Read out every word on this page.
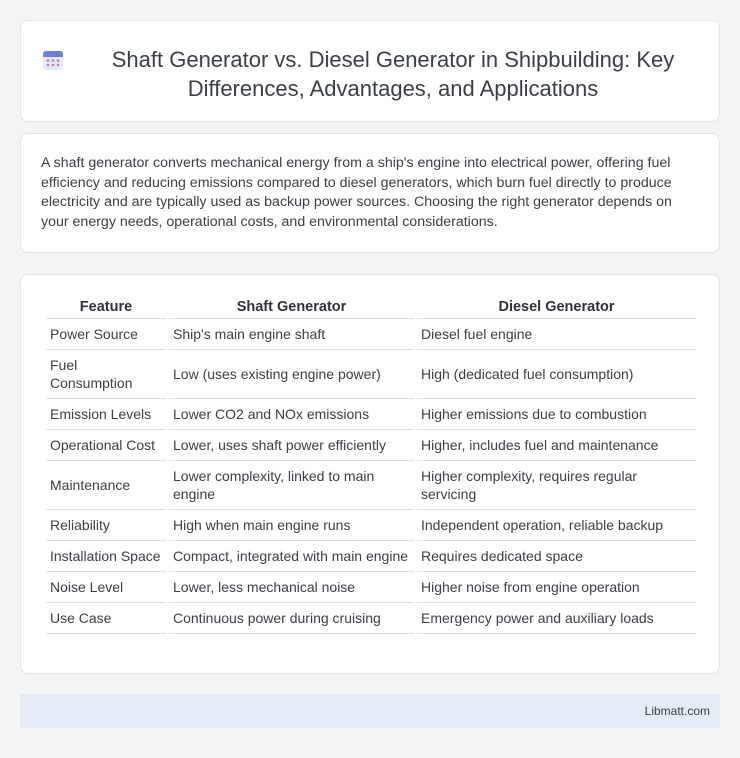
Shaft Generator vs. Diesel Generator in Shipbuilding: Key Differences, Advantages, and Applications

A shaft generator converts mechanical energy from a ship's engine into electrical power, offering fuel efficiency and reducing emissions compared to diesel generators, which burn fuel directly to produce electricity and are typically used as backup power sources. Choosing the right generator depends on your energy needs, operational costs, and environmental considerations.

Feature	Shaft Generator	Diesel Generator
Power Source	Ship's main engine shaft	Diesel fuel engine
Fuel Consumption	Low (uses existing engine power)	High (dedicated fuel consumption)
Emission Levels	Lower CO2 and NOx emissions	Higher emissions due to combustion
Operational Cost	Lower, uses shaft power efficiently	Higher, includes fuel and maintenance
Maintenance	Lower complexity, linked to main engine	Higher complexity, requires regular servicing
Reliability	High when main engine runs	Independent operation, reliable backup
Installation Space	Compact, integrated with main engine	Requires dedicated space
Noise Level	Lower, less mechanical noise	Higher noise from engine operation
Use Case	Continuous power during cruising	Emergency power and auxiliary loads
Libmatt.com
